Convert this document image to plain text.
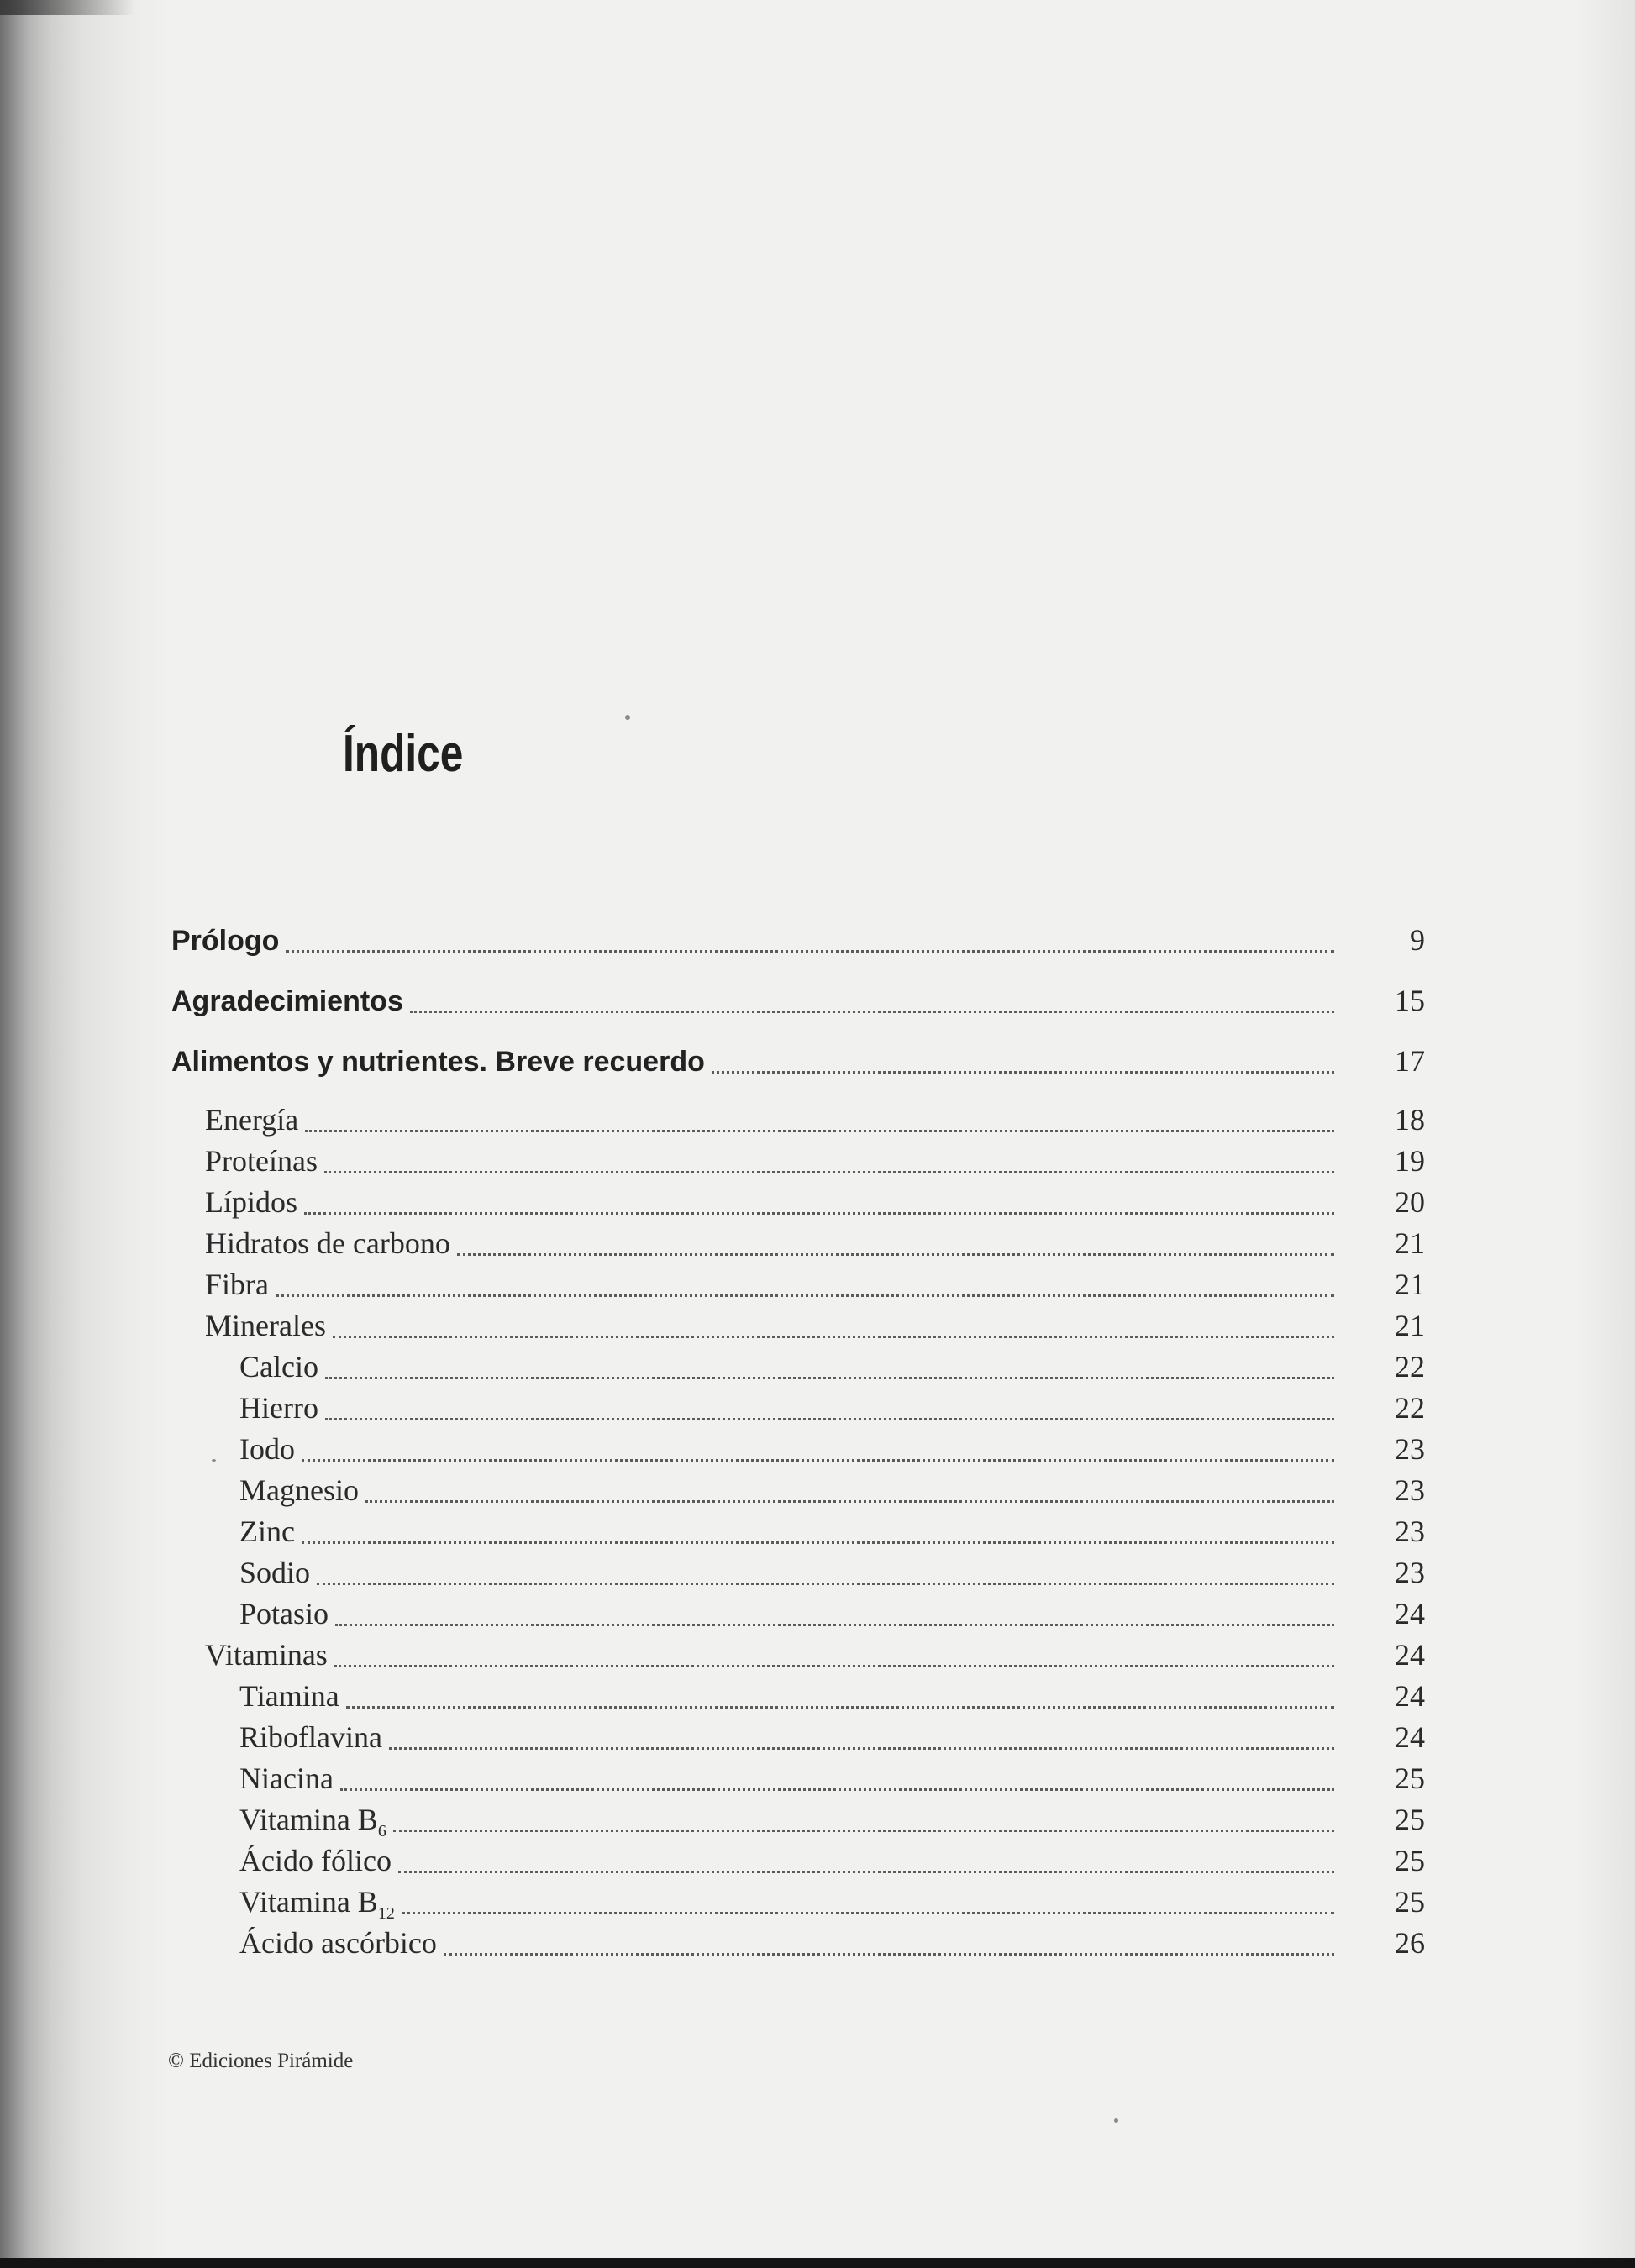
Índice
Prólogo	9
Agradecimientos	15
Alimentos y nutrientes. Breve recuerdo	17
Energía	18
Proteínas	19
Lípidos	20
Hidratos de carbono	21
Fibra	21
Minerales	21
Calcio	22
Hierro	22
Iodo	23
Magnesio	23
Zinc	23
Sodio	23
Potasio	24
Vitaminas	24
Tiamina	24
Riboflavina	24
Niacina	25
Vitamina $B_6$	25
Ácido fólico	25
Vitamina $B_{12}$	25
Ácido ascórbico	26
© Ediciones Pirámide
